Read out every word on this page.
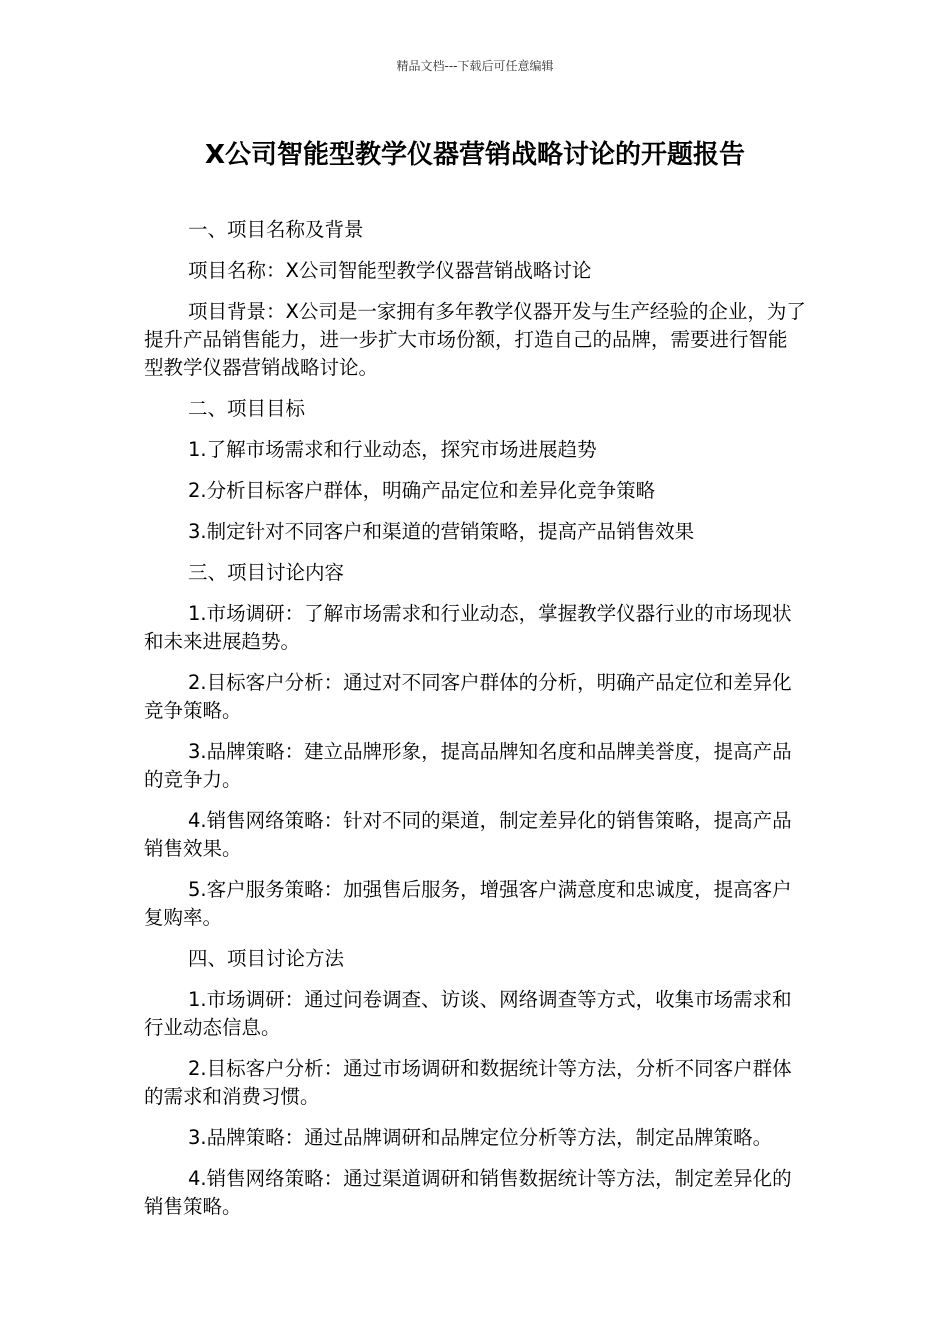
精品文档---下载后可任意编辑
X公司智能型教学仪器营销战略讨论的开题报告

一、项目名称及背景

项目名称：X公司智能型教学仪器营销战略讨论

项目背景：X公司是一家拥有多年教学仪器开发与生产经验的企业，为了提升产品销售能力，进一步扩大市场份额，打造自己的品牌，需要进行智能型教学仪器营销战略讨论。

二、项目目标

1.了解市场需求和行业动态，探究市场进展趋势

2.分析目标客户群体，明确产品定位和差异化竞争策略

3.制定针对不同客户和渠道的营销策略，提高产品销售效果

三、项目讨论内容

1.市场调研：了解市场需求和行业动态，掌握教学仪器行业的市场现状和未来进展趋势。

2.目标客户分析：通过对不同客户群体的分析，明确产品定位和差异化竞争策略。

3.品牌策略：建立品牌形象，提高品牌知名度和品牌美誉度，提高产品的竞争力。

4.销售网络策略：针对不同的渠道，制定差异化的销售策略，提高产品销售效果。

5.客户服务策略：加强售后服务，增强客户满意度和忠诚度，提高客户复购率。

四、项目讨论方法

1.市场调研：通过问卷调查、访谈、网络调查等方式，收集市场需求和行业动态信息。

2.目标客户分析：通过市场调研和数据统计等方法，分析不同客户群体的需求和消费习惯。

3.品牌策略：通过品牌调研和品牌定位分析等方法，制定品牌策略。

4.销售网络策略：通过渠道调研和销售数据统计等方法，制定差异化的销售策略。
